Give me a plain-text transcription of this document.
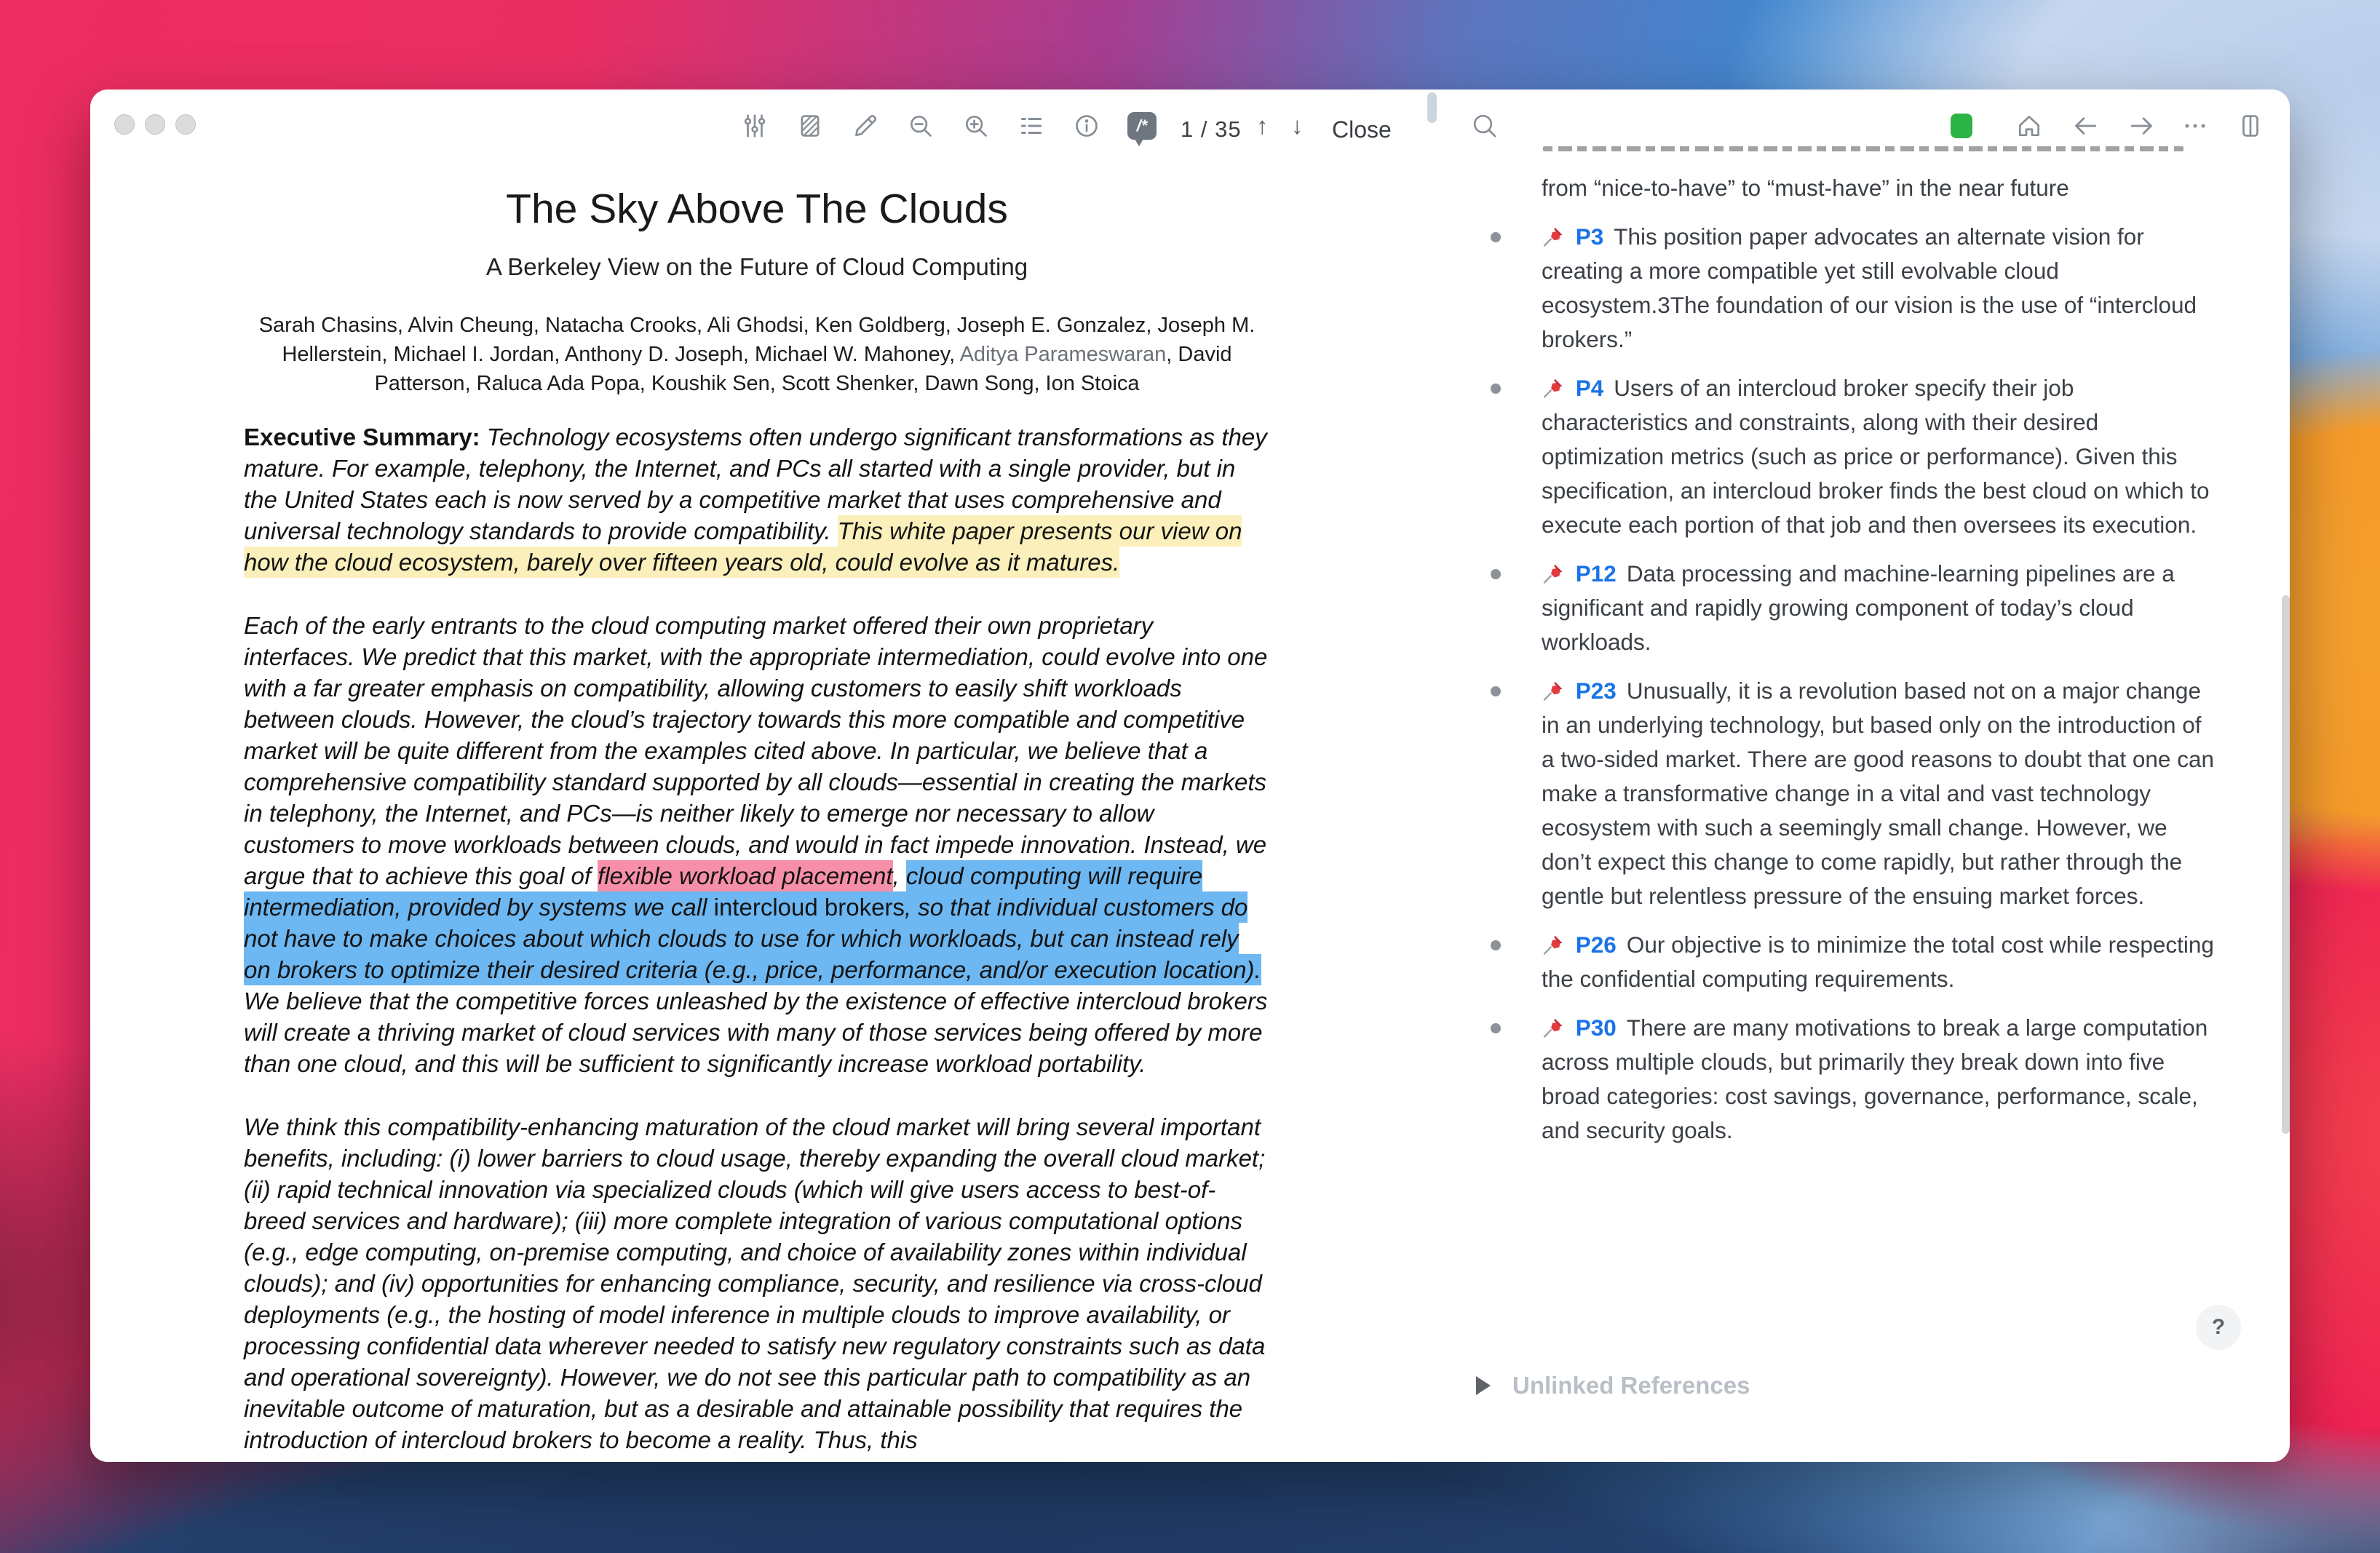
/*	1 / 35 ↑ ↓ Close
The Sky Above The Clouds
A Berkeley View on the Future of Cloud Computing
Sarah Chasins, Alvin Cheung, Natacha Crooks, Ali Ghodsi, Ken Goldberg, Joseph E. Gonzalez, Joseph M. Hellerstein, Michael I. Jordan, Anthony D. Joseph, Michael W. Mahoney, Aditya Parameswaran, David Patterson, Raluca Ada Popa, Koushik Sen, Scott Shenker, Dawn Song, Ion Stoica

Executive Summary: Technology ecosystems often undergo significant transformations as they mature. For example, telephony, the Internet, and PCs all started with a single provider, but in the United States each is now served by a competitive market that uses comprehensive and universal technology standards to provide compatibility. This white paper presents our view on how the cloud ecosystem, barely over fifteen years old, could evolve as it matures.

Each of the early entrants to the cloud computing market offered their own proprietary interfaces. We predict that this market, with the appropriate intermediation, could evolve into one with a far greater emphasis on compatibility, allowing customers to easily shift workloads between clouds. However, the cloud’s trajectory towards this more compatible and competitive market will be quite different from the examples cited above. In particular, we believe that a comprehensive compatibility standard supported by all clouds—essential in creating the markets in telephony, the Internet, and PCs—is neither likely to emerge nor necessary to allow customers to move workloads between clouds, and would in fact impede innovation. Instead, we argue that to achieve this goal of flexible workload placement, cloud computing will require intermediation, provided by systems we call intercloud brokers, so that individual customers do not have to make choices about which clouds to use for which workloads, but can instead rely on brokers to optimize their desired criteria (e.g., price, performance, and/or execution location). We believe that the competitive forces unleashed by the existence of effective intercloud brokers will create a thriving market of cloud services with many of those services being offered by more than one cloud, and this will be sufficient to significantly increase workload portability.

We think this compatibility-enhancing maturation of the cloud market will bring several important benefits, including: (i) lower barriers to cloud usage, thereby expanding the overall cloud market; (ii) rapid technical innovation via specialized clouds (which will give users access to best-of-breed services and hardware); (iii) more complete integration of various computational options (e.g., edge computing, on-premise computing, and choice of availability zones within individual clouds); and (iv) opportunities for enhancing compliance, security, and resilience via cross-cloud deployments (e.g., the hosting of model inference in multiple clouds to improve availability, or processing confidential data wherever needed to satisfy new regulatory constraints such as data and operational sovereignty). However, we do not see this particular path to compatibility as an inevitable outcome of maturation, but as a desirable and attainable possibility that requires the introduction of intercloud brokers to become a reality. Thus, this

from “nice-to-have” to “must-have” in the near future
P3 This position paper advocates an alternate vision for creating a more compatible yet still evolvable cloud ecosystem.3The foundation of our vision is the use of “intercloud brokers.”
P4 Users of an intercloud broker specify their job characteristics and constraints, along with their desired optimization metrics (such as price or performance). Given this specification, an intercloud broker finds the best cloud on which to execute each portion of that job and then oversees its execution.
P12 Data processing and machine-learning pipelines are a significant and rapidly growing component of today’s cloud workloads.
P23 Unusually, it is a revolution based not on a major change in an underlying technology, but based only on the introduction of a two-sided market. There are good reasons to doubt that one can make a transformative change in a vital and vast technology ecosystem with such a seemingly small change. However, we don’t expect this change to come rapidly, but rather through the gentle but relentless pressure of the ensuing market forces.
P26 Our objective is to minimize the total cost while respecting the confidential computing requirements.
P30 There are many motivations to break a large computation across multiple clouds, but primarily they break down into five broad categories: cost savings, governance, performance, scale, and security goals.
Unlinked References
?
